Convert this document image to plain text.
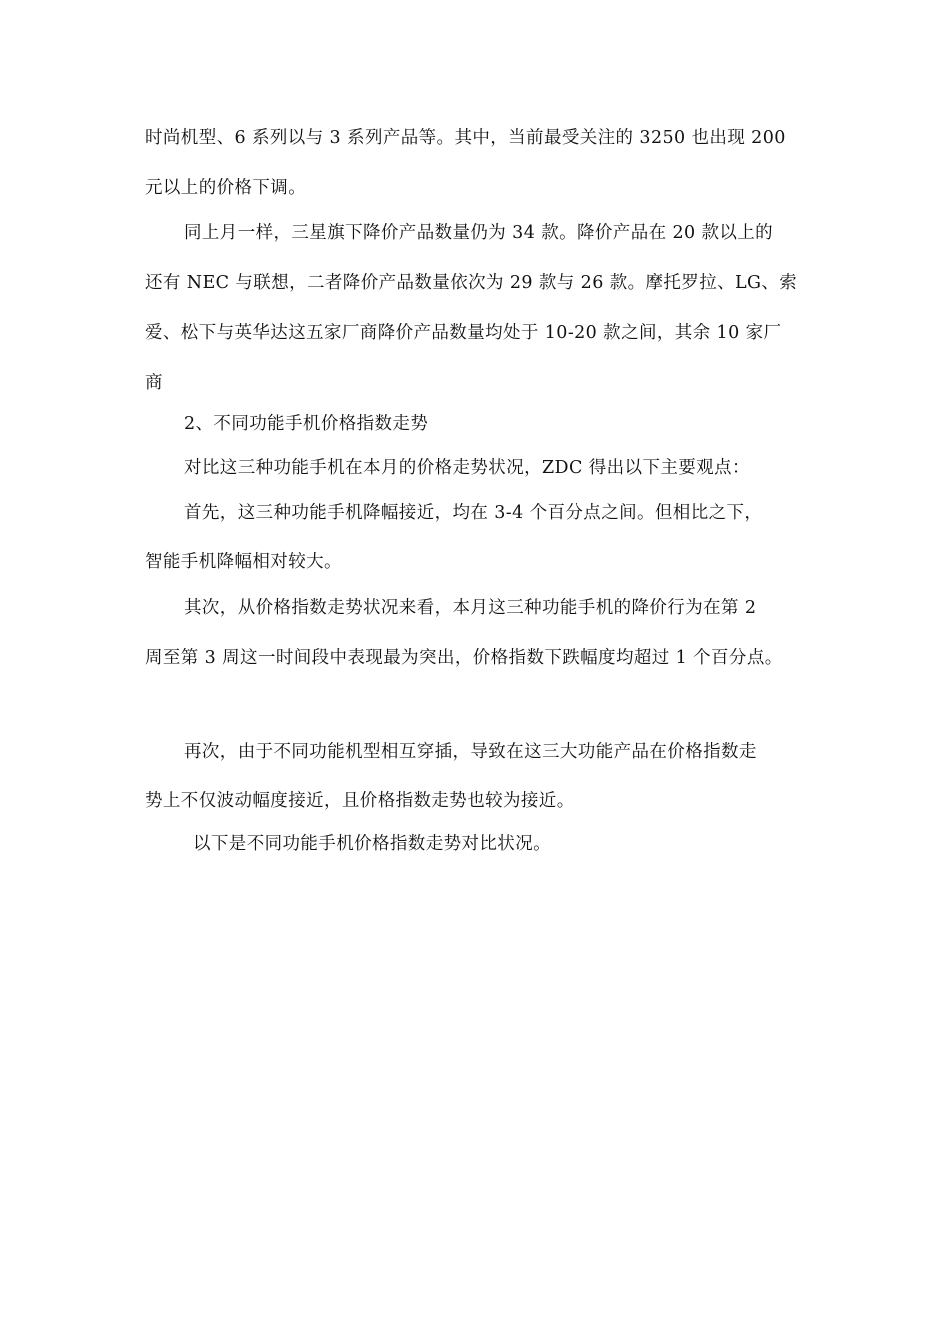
时尚机型、6 系列以与 3 系列产品等。其中，当前最受关注的 3250 也出现 200
元以上的价格下调。
同上月一样，三星旗下降价产品数量仍为 34 款。降价产品在 20 款以上的
还有 NEC 与联想，二者降价产品数量依次为 29 款与 26 款。摩托罗拉、LG、索
爱、松下与英华达这五家厂商降价产品数量均处于 10-20 款之间，其余 10 家厂
商
2、不同功能手机价格指数走势
对比这三种功能手机在本月的价格走势状况，ZDC 得出以下主要观点：
首先，这三种功能手机降幅接近，均在 3-4 个百分点之间。但相比之下，
智能手机降幅相对较大。
其次，从价格指数走势状况来看，本月这三种功能手机的降价行为在第 2
周至第 3 周这一时间段中表现最为突出，价格指数下跌幅度均超过 1 个百分点。
再次，由于不同功能机型相互穿插，导致在这三大功能产品在价格指数走
势上不仅波动幅度接近，且价格指数走势也较为接近。
以下是不同功能手机价格指数走势对比状况。
